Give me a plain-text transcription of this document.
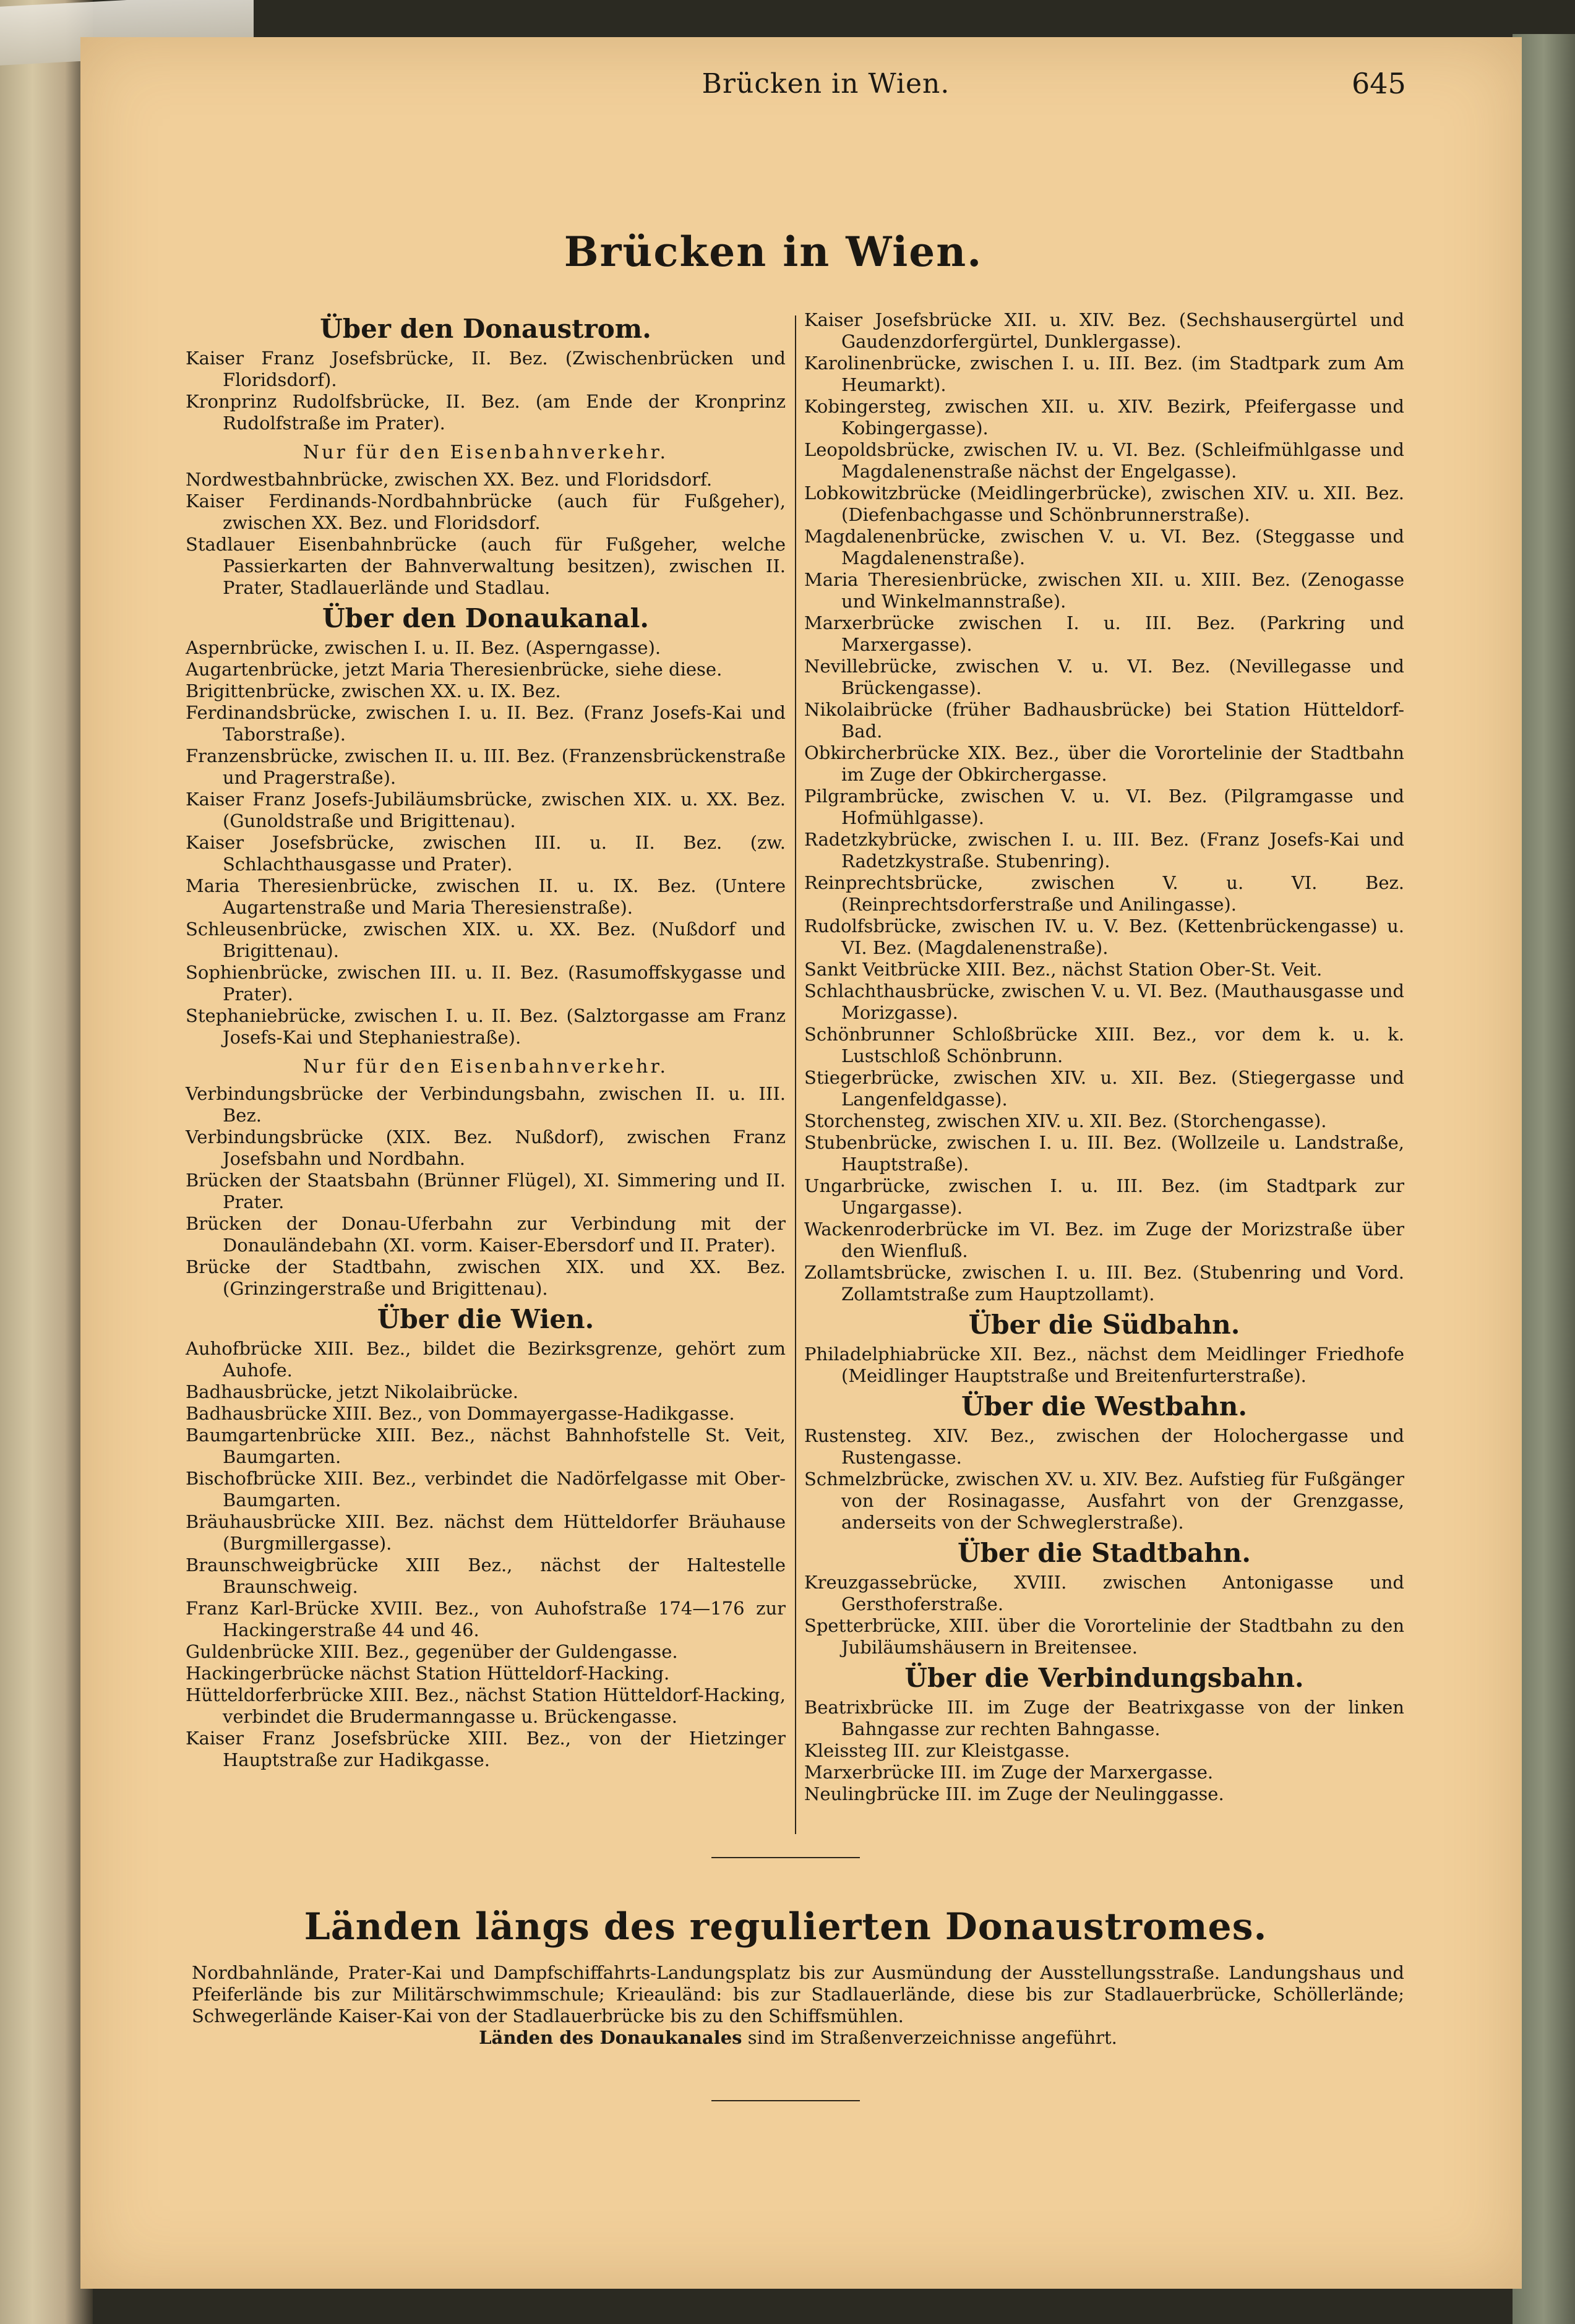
Brücken in Wien.	645
Brücken in Wien.
Über den Donaustrom.

Kaiser Franz Josefsbrücke, II. Bez. (Zwischenbrücken und Floridsdorf).

Kronprinz Rudolfsbrücke, II. Bez. (am Ende der Kronprinz Rudolfstraße im Prater).

Nur für den Eisenbahnverkehr.

Nordwestbahnbrücke, zwischen XX. Bez. und Floridsdorf.

Kaiser Ferdinands-Nordbahnbrücke (auch für Fußgeher), zwischen XX. Bez. und Floridsdorf.

Stadlauer Eisenbahnbrücke (auch für Fußgeher, welche Passierkarten der Bahnverwaltung besitzen), zwischen II. Prater, Stadlauerlände und Stadlau.

Über den Donaukanal.

Aspernbrücke, zwischen I. u. II. Bez. (Asperngasse).

Augartenbrücke, jetzt Maria Theresienbrücke, siehe diese.

Brigittenbrücke, zwischen XX. u. IX. Bez.

Ferdinandsbrücke, zwischen I. u. II. Bez. (Franz Josefs-Kai und Taborstraße).

Franzensbrücke, zwischen II. u. III. Bez. (Franzensbrückenstraße und Pragerstraße).

Kaiser Franz Josefs-Jubiläumsbrücke, zwischen XIX. u. XX. Bez. (Gunoldstraße und Brigittenau).

Kaiser Josefsbrücke, zwischen III. u. II. Bez. (zw. Schlachthausgasse und Prater).

Maria Theresienbrücke, zwischen II. u. IX. Bez. (Untere Augartenstraße und Maria Theresienstraße).

Schleusenbrücke, zwischen XIX. u. XX. Bez. (Nußdorf und Brigittenau).

Sophienbrücke, zwischen III. u. II. Bez. (Rasumoffskygasse und Prater).

Stephaniebrücke, zwischen I. u. II. Bez. (Salztorgasse am Franz Josefs-Kai und Stephaniestraße).

Nur für den Eisenbahnverkehr.

Verbindungsbrücke der Verbindungsbahn, zwischen II. u. III. Bez.

Verbindungsbrücke (XIX. Bez. Nußdorf), zwischen Franz Josefsbahn und Nordbahn.

Brücken der Staatsbahn (Brünner Flügel), XI. Simmering und II. Prater.

Brücken der Donau-Uferbahn zur Verbindung mit der Donauländebahn (XI. vorm. Kaiser-Ebersdorf und II. Prater).

Brücke der Stadtbahn, zwischen XIX. und XX. Bez. (Grinzingerstraße und Brigittenau).

Über die Wien.

Auhofbrücke XIII. Bez., bildet die Bezirksgrenze, gehört zum Auhofe.

Badhausbrücke, jetzt Nikolaibrücke.

Badhausbrücke XIII. Bez., von Dommayergasse-Hadikgasse.

Baumgartenbrücke XIII. Bez., nächst Bahnhofstelle St. Veit, Baumgarten.

Bischofbrücke XIII. Bez., verbindet die Nadörfelgasse mit Ober-Baumgarten.

Bräuhausbrücke XIII. Bez. nächst dem Hütteldorfer Bräuhause (Burgmillergasse).

Braunschweigbrücke XIII Bez., nächst der Haltestelle Braunschweig.

Franz Karl-Brücke XVIII. Bez., von Auhofstraße 174—176 zur Hackingerstraße 44 und 46.

Guldenbrücke XIII. Bez., gegenüber der Guldengasse.

Hackingerbrücke nächst Station Hütteldorf-Hacking.

Hütteldorferbrücke XIII. Bez., nächst Station Hütteldorf-Hacking, verbindet die Brudermanngasse u. Brückengasse.

Kaiser Franz Josefsbrücke XIII. Bez., von der Hietzinger Hauptstraße zur Hadikgasse.

Kaiser Josefsbrücke XII. u. XIV. Bez. (Sechshausergürtel und Gaudenzdorfergürtel, Dunklergasse).

Karolinenbrücke, zwischen I. u. III. Bez. (im Stadtpark zum Am Heumarkt).

Kobingersteg, zwischen XII. u. XIV. Bezirk, Pfeifergasse und Kobingergasse).

Leopoldsbrücke, zwischen IV. u. VI. Bez. (Schleifmühlgasse und Magdalenenstraße nächst der Engelgasse).

Lobkowitzbrücke (Meidlingerbrücke), zwischen XIV. u. XII. Bez. (Diefenbachgasse und Schönbrunnerstraße).

Magdalenenbrücke, zwischen V. u. VI. Bez. (Steggasse und Magdalenenstraße).

Maria Theresienbrücke, zwischen XII. u. XIII. Bez. (Zenogasse und Winkelmannstraße).

Marxerbrücke zwischen I. u. III. Bez. (Parkring und Marxergasse).

Nevillebrücke, zwischen V. u. VI. Bez. (Nevillegasse und Brückengasse).

Nikolaibrücke (früher Badhausbrücke) bei Station Hütteldorf-Bad.

Obkircherbrücke XIX. Bez., über die Vorortelinie der Stadtbahn im Zuge der Obkirchergasse.

Pilgrambrücke, zwischen V. u. VI. Bez. (Pilgramgasse und Hofmühlgasse).

Radetzkybrücke, zwischen I. u. III. Bez. (Franz Josefs-Kai und Radetzkystraße. Stubenring).

Reinprechtsbrücke, zwischen V. u. VI. Bez. (Reinprechtsdorferstraße und Anilingasse).

Rudolfsbrücke, zwischen IV. u. V. Bez. (Kettenbrückengasse) u. VI. Bez. (Magdalenenstraße).

Sankt Veitbrücke XIII. Bez., nächst Station Ober-St. Veit.

Schlachthausbrücke, zwischen V. u. VI. Bez. (Mauthausgasse und Morizgasse).

Schönbrunner Schloßbrücke XIII. Bez., vor dem k. u. k. Lustschloß Schönbrunn.

Stiegerbrücke, zwischen XIV. u. XII. Bez. (Stiegergasse und Langenfeldgasse).

Storchensteg, zwischen XIV. u. XII. Bez. (Storchengasse).

Stubenbrücke, zwischen I. u. III. Bez. (Wollzeile u. Landstraße, Hauptstraße).

Ungarbrücke, zwischen I. u. III. Bez. (im Stadtpark zur Ungargasse).

Wackenroderbrücke im VI. Bez. im Zuge der Morizstraße über den Wienfluß.

Zollamtsbrücke, zwischen I. u. III. Bez. (Stubenring und Vord. Zollamtstraße zum Hauptzollamt).

Über die Südbahn.

Philadelphiabrücke XII. Bez., nächst dem Meidlinger Friedhofe (Meidlinger Hauptstraße und Breitenfurterstraße).

Über die Westbahn.

Rustensteg. XIV. Bez., zwischen der Holochergasse und Rustengasse.

Schmelzbrücke, zwischen XV. u. XIV. Bez. Aufstieg für Fußgänger von der Rosinagasse, Ausfahrt von der Grenzgasse, anderseits von der Schweglerstraße).

Über die Stadtbahn.

Kreuzgassebrücke, XVIII. zwischen Antonigasse und Gersthoferstraße.

Spetterbrücke, XIII. über die Vorortelinie der Stadtbahn zu den Jubiläumshäusern in Breitensee.

Über die Verbindungsbahn.

Beatrixbrücke III. im Zuge der Beatrixgasse von der linken Bahngasse zur rechten Bahngasse.

Kleissteg III. zur Kleistgasse.

Marxerbrücke III. im Zuge der Marxergasse.

Neulingbrücke III. im Zuge der Neulinggasse.

Länden längs des regulierten Donaustromes.

Nordbahnlände, Prater-Kai und Dampfschiffahrts-Landungsplatz bis zur Ausmündung der Ausstellungsstraße. Landungshaus und Pfeiferlände bis zur Militärschwimmschule; Krieauländ: bis zur Stadlauerlände, diese bis zur Stadlauerbrücke, Schöllerlände; Schwegerlände Kaiser-Kai von der Stadlauerbrücke bis zu den Schiffsmühlen.

Länden des Donaukanales sind im Straßenverzeichnisse angeführt.
